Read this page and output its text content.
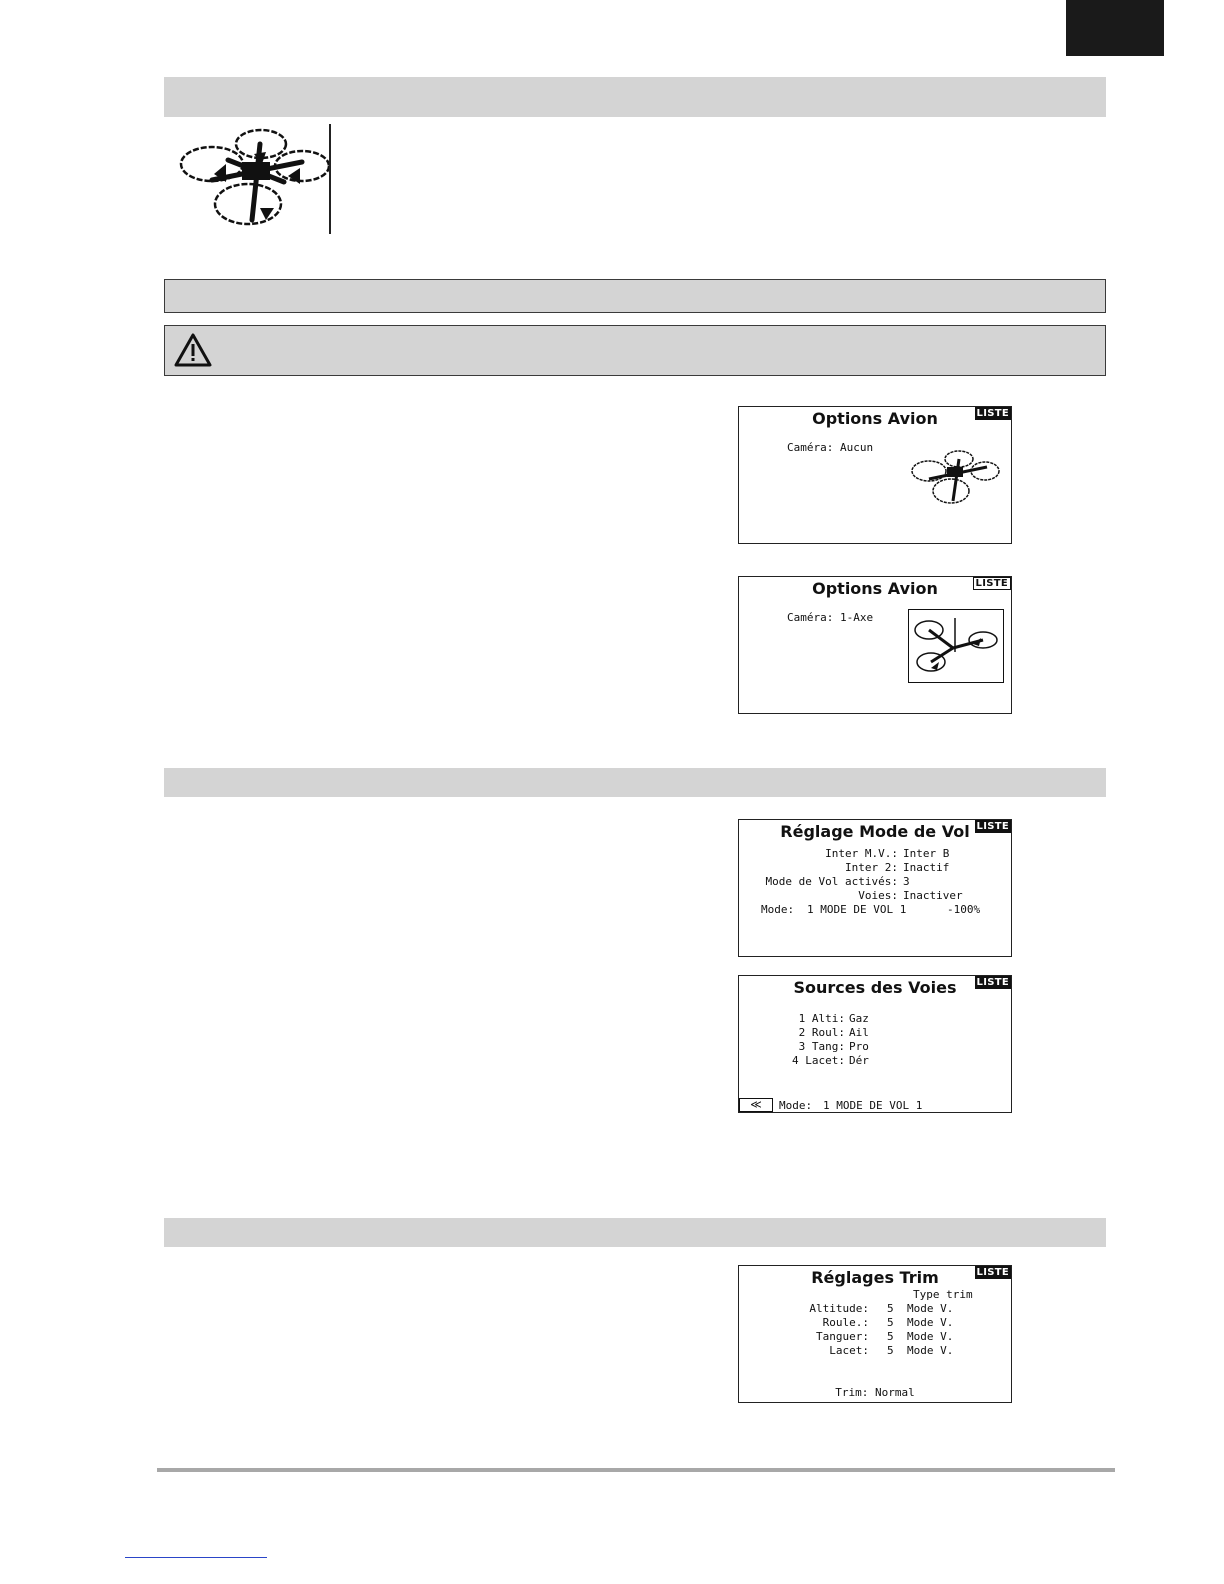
Options Avion	LISTE
Caméra: Aucun
Options Avion	LISTE
Caméra: 1-Axe
Réglage Mode de Vol LISTE
Inter M.V.: Inter B
Inter 2: Inactif
Mode de Vol activés: 3
Voies: Inactiver
Mode: 1 MODE DE VOL 1	-100%
Sources des Voies	LISTE
1 Alti: Gaz
2 Roul: Ail
3 Tang: Pro
4 Lacet: Dér
≪	Mode: 1 MODE DE VOL 1
Réglages Trim	LISTE
Type trim
Altitude: 5 Mode V.
Roule.: 5 Mode V.
Tanguer: 5 Mode V.
Lacet: 5 Mode V.
Trim: Normal
